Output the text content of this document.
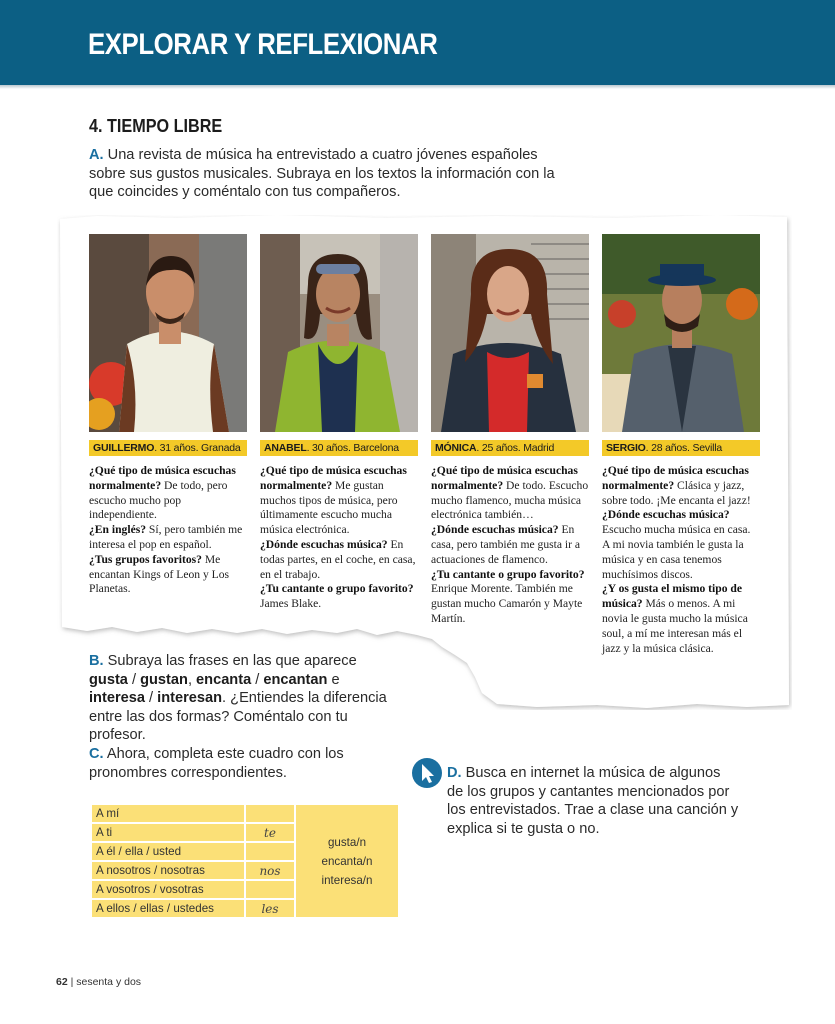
EXPLORAR Y REFLEXIONAR
4. TIEMPO LIBRE
A. Una revista de música ha entrevistado a cuatro jóvenes españoles
sobre sus gustos musicales. Subraya en los textos la información con la
que coincides y coméntalo con tus compañeros.
GUILLERMO. 31 años. Granada
¿Qué tipo de música escuchas normalmente? De todo, pero escucho mucho pop independiente.
¿En inglés? Sí, pero también me interesa el pop en español.
¿Tus grupos favoritos? Me encantan Kings of Leon y Los Planetas.
ANABEL. 30 años. Barcelona
¿Qué tipo de música escuchas normalmente? Me gustan muchos tipos de música, pero últimamente escucho mucha música electrónica.
¿Dónde escuchas música? En todas partes, en el coche, en casa, en el trabajo.
¿Tu cantante o grupo favorito? James Blake.
MÓNICA. 25 años. Madrid
¿Qué tipo de música escuchas normalmente? De todo. Escucho mucho flamenco, mucha música electrónica también…
¿Dónde escuchas música? En casa, pero también me gusta ir a actuaciones de flamenco.
¿Tu cantante o grupo favorito? Enrique Morente. También me gustan mucho Camarón y Mayte Martín.
SERGIO. 28 años. Sevilla
¿Qué tipo de música escuchas normalmente? Clásica y jazz, sobre todo. ¡Me encanta el jazz!
¿Dónde escuchas música? Escucho mucha música en casa. A mi novia también le gusta la música y en casa tenemos muchísimos discos.
¿Y os gusta el mismo tipo de música? Más o menos. A mi novia le gusta mucho la música soul, a mí me interesan más el jazz y la música clásica.
B. Subraya las frases en las que aparece gusta / gustan, encanta / encantan e interesa / interesan. ¿Entiendes la diferencia entre las dos formas? Coméntalo con tu profesor.
C. Ahora, completa este cuadro con los
pronombres correspondientes.
A mí		gusta/n
encanta/n
interesa/n

A ti	te	
A él / ella / usted		
A nosotros / nosotras	nos	
A vosotros / vosotras		
A ellos / ellas / ustedes	les	
D. Busca en internet la música de algunos
de los grupos y cantantes mencionados por
los entrevistados. Trae a clase una canción y
explica si te gusta o no.
62 | sesenta y dos
